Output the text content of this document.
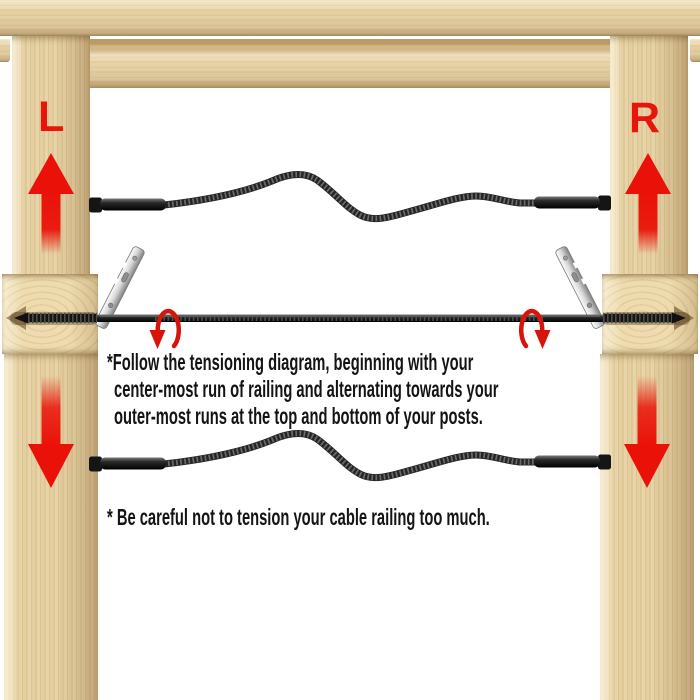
L	R
*Follow the tensioning diagram, beginning with your
center-most run of railing and alternating towards your
outer-most runs at the top and bottom of your posts.
* Be careful not to tension your cable railing too much.
